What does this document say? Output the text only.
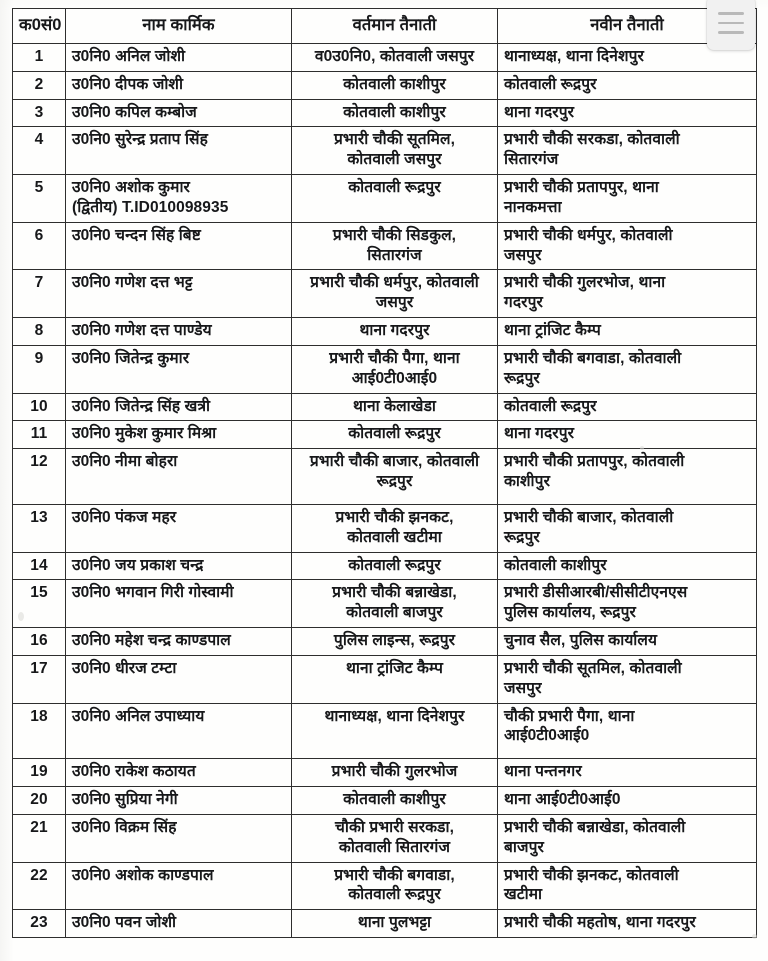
क0सं0	नाम कार्मिक	वर्तमान तैनाती	नवीन तैनाती
1	उ0नि0 अनिल जोशी	व0उ0नि0, कोतवाली जसपुर	थानाध्यक्ष, थाना दिनेशपुर

2	उ0नि0 दीपक जोशी	कोतवाली काशीपुर	कोतवाली रूद्रपुर

3	उ0नि0 कपिल कम्बोज	कोतवाली काशीपुर	थाना गदरपुर

4	उ0नि0 सुरेन्द्र प्रताप सिंह	प्रभारी चौकी सूतमिल,
कोतवाली जसपुर	प्रभारी चौकी सरकडा, कोतवाली
सितारगंज

5	उ0नि0 अशोक कुमार
(द्वितीय) T.ID010098935	कोतवाली रूद्रपुर	प्रभारी चौकी प्रतापपुर, थाना
नानकमत्ता

6	उ0नि0 चन्दन सिंह बिष्ट	प्रभारी चौकी सिडकुल,
सितारगंज	प्रभारी चौकी धर्मपुर, कोतवाली
जसपुर

7	उ0नि0 गणेश दत्त भट्ट	प्रभारी चौकी धर्मपुर, कोतवाली
जसपुर	प्रभारी चौकी गुलरभोज, थाना
गदरपुर

8	उ0नि0 गणेश दत्त पाण्डेय	थाना गदरपुर	थाना ट्रांजिट कैम्प

9	उ0नि0 जितेन्द्र कुमार	प्रभारी चौकी पैगा, थाना
आई0टी0आई0	प्रभारी चौकी बगवाडा, कोतवाली
रूद्रपुर

10	उ0नि0 जितेन्द्र सिंह खत्री	थाना केलाखेडा	कोतवाली रूद्रपुर

11	उ0नि0 मुकेश कुमार मिश्रा	कोतवाली रूद्रपुर	थाना गदरपुर

12	उ0नि0 नीमा बोहरा	प्रभारी चौकी बाजार, कोतवाली
रूद्रपुर	प्रभारी चौकी प्रतापपुर, कोतवाली
काशीपुर

13	उ0नि0 पंकज महर	प्रभारी चौकी झनकट,
कोतवाली खटीमा	प्रभारी चौकी बाजार, कोतवाली
रूद्रपुर

14	उ0नि0 जय प्रकाश चन्द्र	कोतवाली रूद्रपुर	कोतवाली काशीपुर

15	उ0नि0 भगवान गिरी गोस्वामी	प्रभारी चौकी बन्नाखेडा,
कोतवाली बाजपुर	प्रभारी डीसीआरबी/सीसीटीएनएस
पुलिस कार्यालय, रूद्रपुर

16	उ0नि0 महेश चन्द्र काण्डपाल	पुलिस लाइन्स, रूद्रपुर	चुनाव सैल, पुलिस कार्यालय

17	उ0नि0 धीरज टम्टा	थाना ट्रांजिट कैम्प	प्रभारी चौकी सूतमिल, कोतवाली
जसपुर

18	उ0नि0 अनिल उपाध्याय	थानाध्यक्ष, थाना दिनेशपुर	चौकी प्रभारी पैगा, थाना
आई0टी0आई0

19	उ0नि0 राकेश कठायत	प्रभारी चौकी गुलरभोज	थाना पन्तनगर

20	उ0नि0 सुप्रिया नेगी	कोतवाली काशीपुर	थाना आई0टी0आई0

21	उ0नि0 विक्रम सिंह	चौकी प्रभारी सरकडा,
कोतवाली सितारगंज	प्रभारी चौकी बन्नाखेडा, कोतवाली
बाजपुर

22	उ0नि0 अशोक काण्डपाल	प्रभारी चौकी बगवाडा,
कोतवाली रूद्रपुर	प्रभारी चौकी झनकट, कोतवाली
खटीमा

23	उ0नि0 पवन जोशी	थाना पुलभट्टा	प्रभारी चौकी महतोष, थाना गदरपुर
